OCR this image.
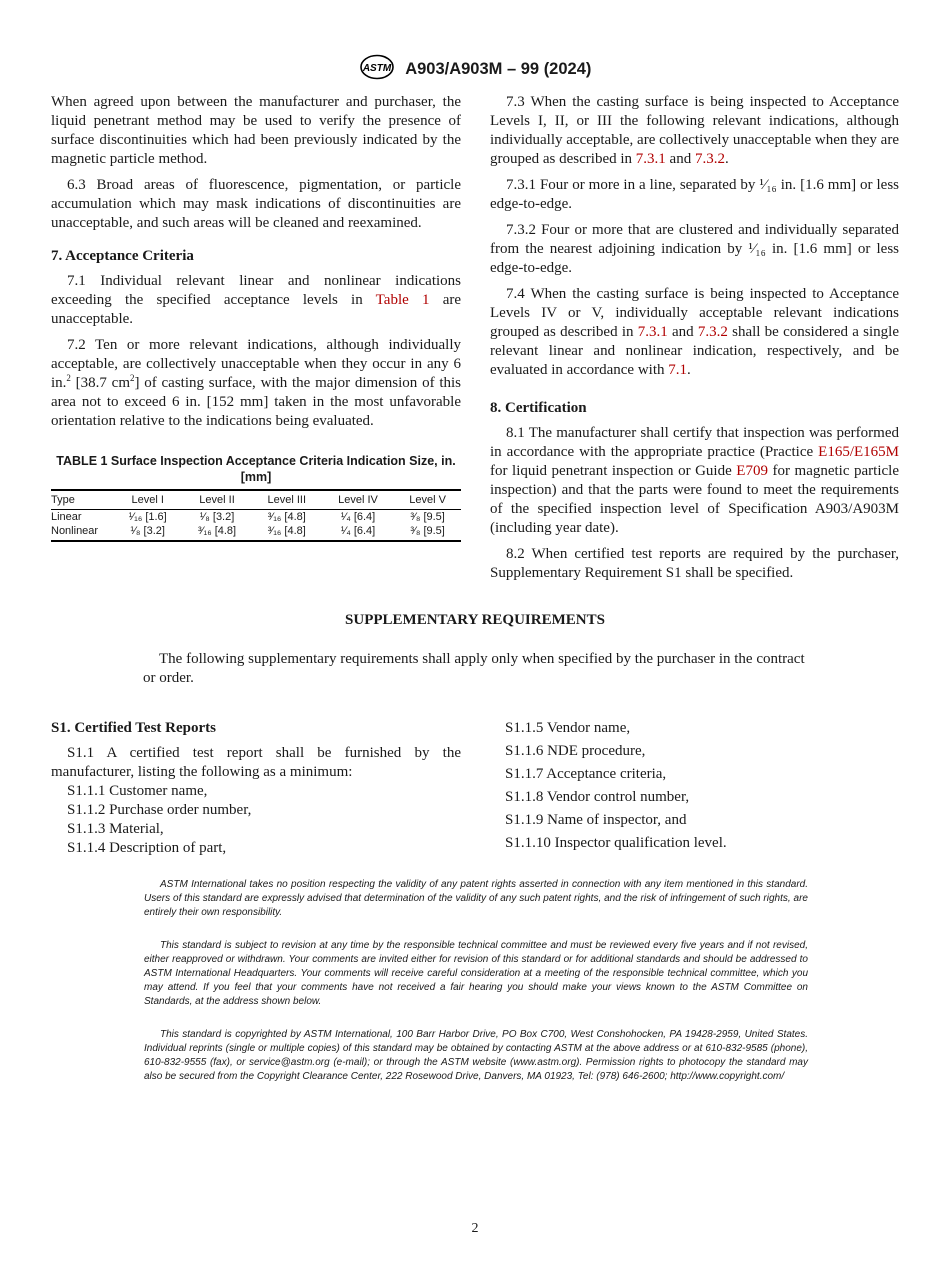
ASTM A903/A903M – 99 (2024)

When agreed upon between the manufacturer and purchaser, the liquid penetrant method may be used to verify the presence of surface discontinuities which had been previously indicated by the magnetic particle method.

6.3 Broad areas of fluorescence, pigmentation, or particle accumulation which may mask indications of discontinuities are unacceptable, and such areas will be cleaned and reexamined.

7. Acceptance Criteria

7.1 Individual relevant linear and nonlinear indications exceeding the specified acceptance levels in Table 1 are unacceptable.

7.2 Ten or more relevant indications, although individually acceptable, are collectively unacceptable when they occur in any 6 in.$^2$ [38.7 $cm^2$] of casting surface, with the major dimension of this area not to exceed 6 in. [152 mm] taken in the most unfavorable orientation relative to the indications being evaluated.

TABLE 1 Surface Inspection Acceptance Criteria Indication Size, in. [mm]

Type	Level I	Level II	Level III	Level IV	Level V
Linear	¹⁄₁₆ [1.6]	¹⁄₈ [3.2]	³⁄₁₆ [4.8]	¹⁄₄ [6.4]	³⁄₈ [9.5]
Nonlinear	¹⁄₈ [3.2]	³⁄₁₆ [4.8]	³⁄₁₆ [4.8]	¹⁄₄ [6.4]	³⁄₈ [9.5]

7.3 When the casting surface is being inspected to Acceptance Levels I, II, or III the following relevant indications, although individually acceptable, are collectively unacceptable when they are grouped as described in 7.3.1 and 7.3.2.

7.3.1 Four or more in a line, separated by ¹⁄₁₆ in. [1.6 mm] or less edge-to-edge.

7.3.2 Four or more that are clustered and individually separated from the nearest adjoining indication by ¹⁄₁₆ in. [1.6 mm] or less edge-to-edge.

7.4 When the casting surface is being inspected to Acceptance Levels IV or V, individually acceptable relevant indications grouped as described in 7.3.1 and 7.3.2 shall be considered a single relevant linear and nonlinear indication, respectively, and be evaluated in accordance with 7.1.

8. Certification

8.1 The manufacturer shall certify that inspection was performed in accordance with the appropriate practice (Practice E165/E165M for liquid penetrant inspection or Guide E709 for magnetic particle inspection) and that the parts were found to meet the requirements of the specified inspection level of Specification A903/A903M (including year date).

8.2 When certified test reports are required by the purchaser, Supplementary Requirement S1 shall be specified.

SUPPLEMENTARY REQUIREMENTS
The following supplementary requirements shall apply only when specified by the purchaser in the contract or order.

S1. Certified Test Reports

S1.1 A certified test report shall be furnished by the manufacturer, listing the following as a minimum:

S1.1.1 Customer name,

S1.1.2 Purchase order number,

S1.1.3 Material,

S1.1.4 Description of part,

S1.1.5 Vendor name,

S1.1.6 NDE procedure,

S1.1.7 Acceptance criteria,

S1.1.8 Vendor control number,

S1.1.9 Name of inspector, and

S1.1.10 Inspector qualification level.

ASTM International takes no position respecting the validity of any patent rights asserted in connection with any item mentioned in this standard. Users of this standard are expressly advised that determination of the validity of any such patent rights, and the risk of infringement of such rights, are entirely their own responsibility.

This standard is subject to revision at any time by the responsible technical committee and must be reviewed every five years and if not revised, either reapproved or withdrawn. Your comments are invited either for revision of this standard or for additional standards and should be addressed to ASTM International Headquarters. Your comments will receive careful consideration at a meeting of the responsible technical committee, which you may attend. If you feel that your comments have not received a fair hearing you should make your views known to the ASTM Committee on Standards, at the address shown below.

This standard is copyrighted by ASTM International, 100 Barr Harbor Drive, PO Box C700, West Conshohocken, PA 19428-2959, United States. Individual reprints (single or multiple copies) of this standard may be obtained by contacting ASTM at the above address or at 610-832-9585 (phone), 610-832-9555 (fax), or service@astm.org (e-mail); or through the ASTM website (www.astm.org). Permission rights to photocopy the standard may also be secured from the Copyright Clearance Center, 222 Rosewood Drive, Danvers, MA 01923, Tel: (978) 646-2600; http://www.copyright.com/

2
